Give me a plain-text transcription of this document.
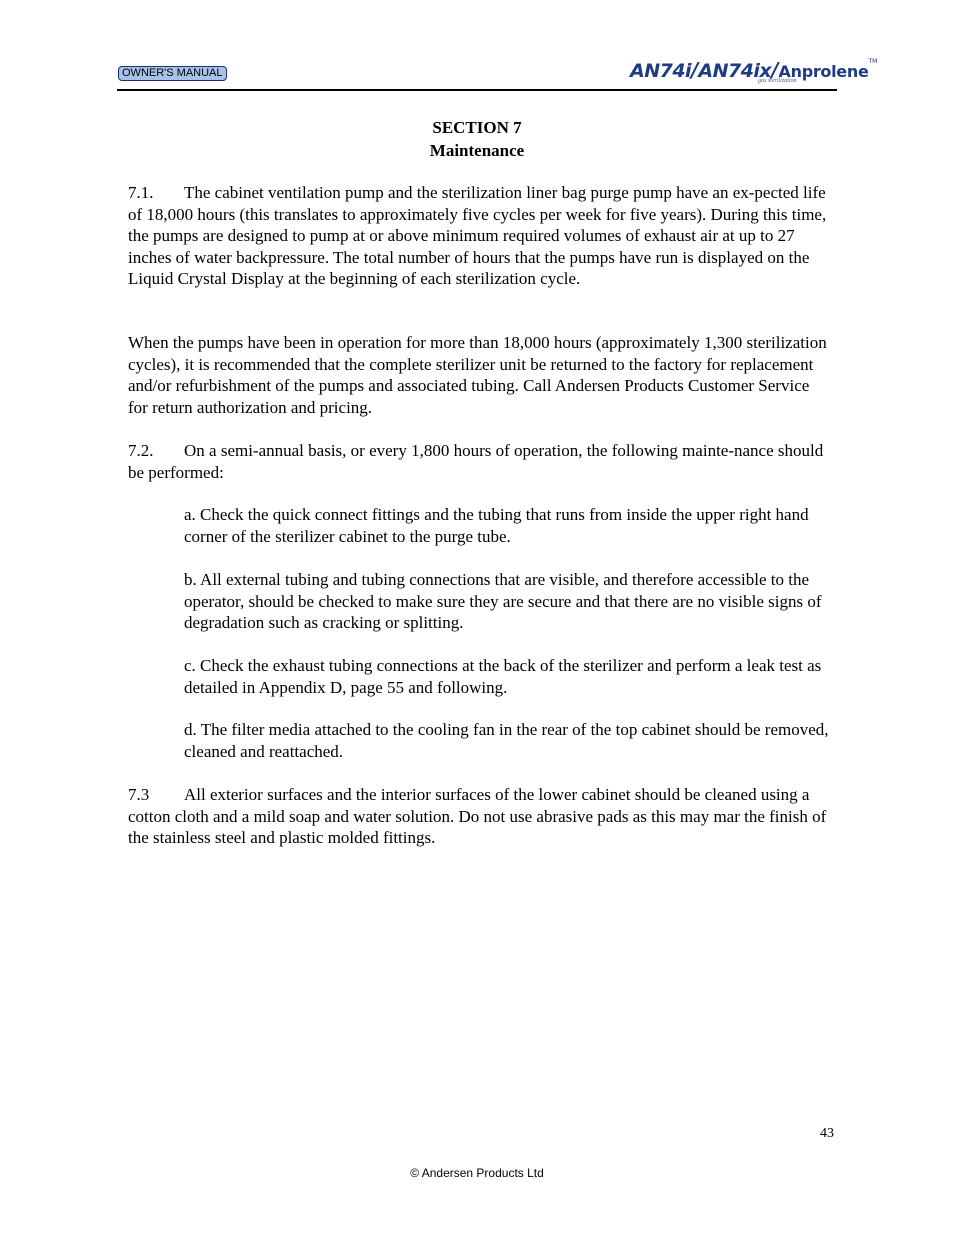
OWNER'S MANUAL	AN74i/AN74ix/Anprolene™
gas sterilization
SECTION 7
Maintenance
7.1. The cabinet ventilation pump and the sterilization liner bag purge pump have an ex-pected life of 18,000 hours (this translates to approximately five cycles per week for five years). During this time, the pumps are designed to pump at or above minimum required volumes of exhaust air at up to 27 inches of water backpressure. The total number of hours that the pumps have run is displayed on the Liquid Crystal Display at the beginning of each sterilization cycle.
When the pumps have been in operation for more than 18,000 hours (approximately 1,300 sterilization cycles), it is recommended that the complete sterilizer unit be returned to the factory for replacement and/or refurbishment of the pumps and associated tubing. Call Andersen Products Customer Service for return authorization and pricing.
7.2. On a semi-annual basis, or every 1,800 hours of operation, the following mainte-nance should be performed:
a. Check the quick connect fittings and the tubing that runs from inside the upper right hand corner of the sterilizer cabinet to the purge tube.
b. All external tubing and tubing connections that are visible, and therefore accessible to the operator, should be checked to make sure they are secure and that there are no visible signs of degradation such as cracking or splitting.
c. Check the exhaust tubing connections at the back of the sterilizer and perform a leak test as detailed in Appendix D, page 55 and following.
d. The filter media attached to the cooling fan in the rear of the top cabinet should be removed, cleaned and reattached.
7.3 All exterior surfaces and the interior surfaces of the lower cabinet should be cleaned using a cotton cloth and a mild soap and water solution. Do not use abrasive pads as this may mar the finish of the stainless steel and plastic molded fittings.
43
© Andersen Products Ltd
